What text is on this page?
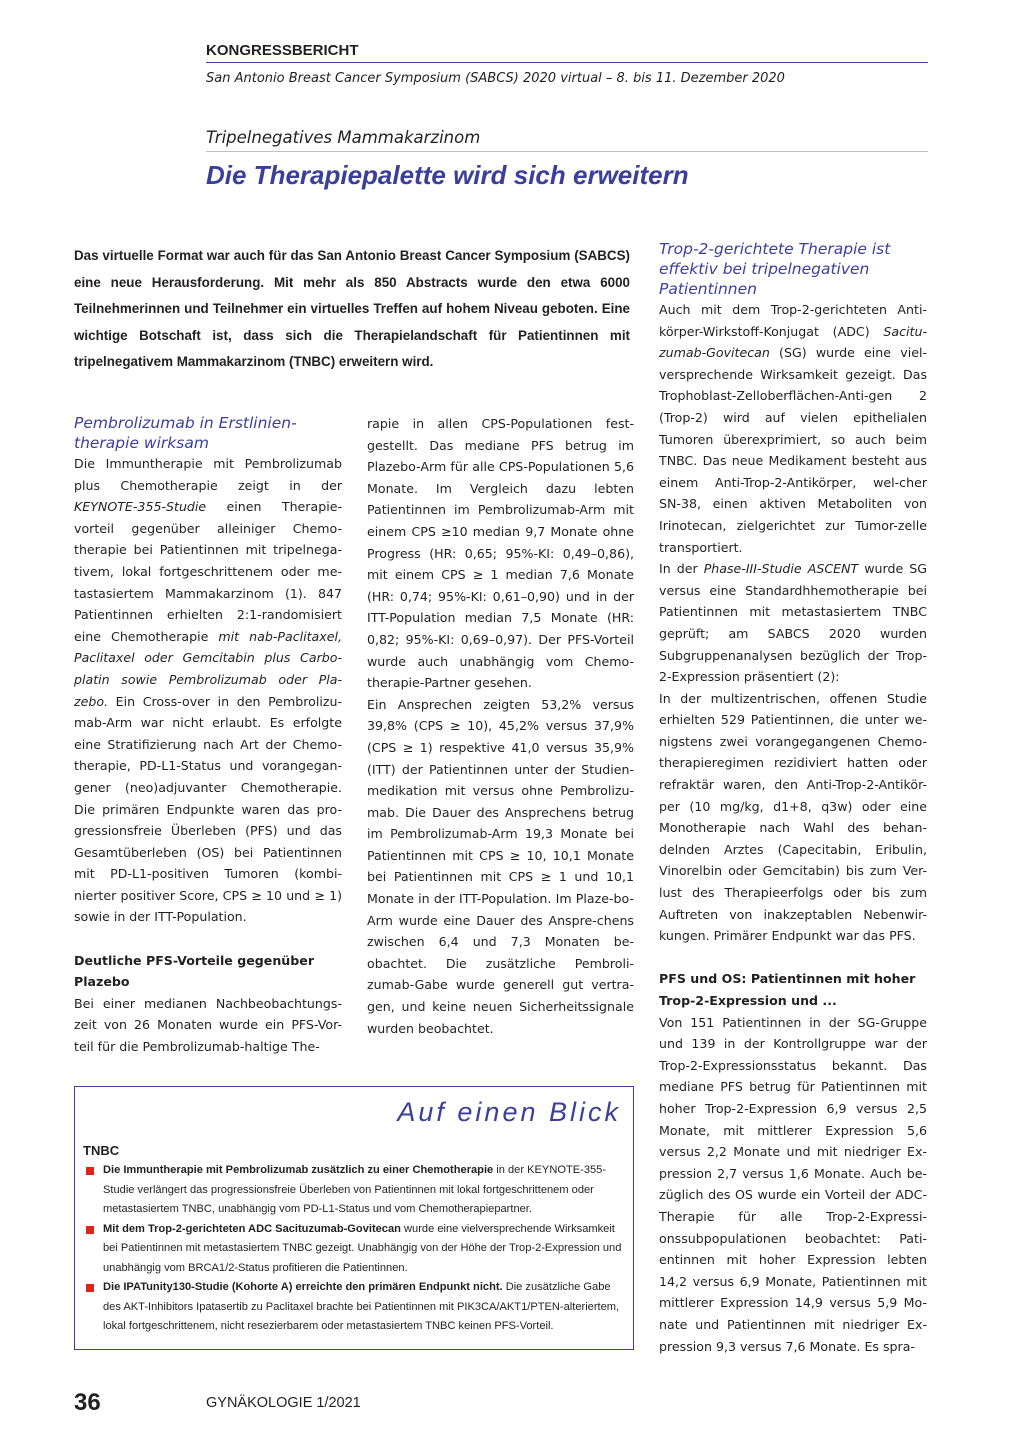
KONGRESSBERICHT
San Antonio Breast Cancer Symposium (SABCS) 2020 virtual – 8. bis 11. Dezember 2020
Tripelnegatives Mammakarzinom
Die Therapiepalette wird sich erweitern
Das virtuelle Format war auch für das San Antonio Breast Cancer Symposium (SABCS) eine neue Herausforderung. Mit mehr als 850 Abstracts wurde den etwa 6000 Teilnehmerinnen und Teilnehmer ein virtuelles Treffen auf hohem Niveau geboten. Eine wichtige Botschaft ist, dass sich die Therapielandschaft für Patientinnen mit tripelnegativem Mammakarzinom (TNBC) erweitern wird.

Pembrolizumab in Erstlinien-therapie wirksam

Die Immuntherapie mit Pembrolizumab plus Chemotherapie zeigt in der KEYNOTE-355-Studie einen Therapie-vorteil gegenüber alleiniger Chemo-therapie bei Patientinnen mit tripelnega-tivem, lokal fortgeschrittenem oder me-tastasiertem Mammakarzinom (1). 847 Patientinnen erhielten 2:1-randomisiert eine Chemotherapie mit nab-Paclitaxel, Paclitaxel oder Gemcitabin plus Carbo-platin sowie Pembrolizumab oder Pla-zebo. Ein Cross-over in den Pembrolizu-mab-Arm war nicht erlaubt. Es erfolgte eine Stratifizierung nach Art der Chemo-therapie, PD-L1-Status und vorangegan-gener (neo)adjuvanter Chemotherapie. Die primären Endpunkte waren das pro-gressionsfreie Überleben (PFS) und das Gesamtüberleben (OS) bei Patientinnen mit PD-L1-positiven Tumoren (kombi-nierter positiver Score, CPS ≥ 10 und ≥ 1) sowie in der ITT-Population.

Deutliche PFS-Vorteile gegenüber Plazebo

Bei einer medianen Nachbeobachtungs-zeit von 26 Monaten wurde ein PFS-Vor-teil für die Pembrolizumab-haltige The-

rapie in allen CPS-Populationen fest-gestellt. Das mediane PFS betrug im Plazebo-Arm für alle CPS-Populationen 5,6 Monate. Im Vergleich dazu lebten Patientinnen im Pembrolizumab-Arm mit einem CPS ≥10 median 9,7 Monate ohne Progress (HR: 0,65; 95%-KI: 0,49–0,86), mit einem CPS ≥ 1 median 7,6 Monate (HR: 0,74; 95%-KI: 0,61–0,90) und in der ITT-Population median 7,5 Monate (HR: 0,82; 95%-KI: 0,69–0,97). Der PFS-Vorteil wurde auch unabhängig vom Chemo-therapie-Partner gesehen.

Ein Ansprechen zeigten 53,2% versus 39,8% (CPS ≥ 10), 45,2% versus 37,9% (CPS ≥ 1) respektive 41,0 versus 35,9% (ITT) der Patientinnen unter der Studien-medikation mit versus ohne Pembrolizu-mab. Die Dauer des Ansprechens betrug im Pembrolizumab-Arm 19,3 Monate bei Patientinnen mit CPS ≥ 10, 10,1 Monate bei Patientinnen mit CPS ≥ 1 und 10,1 Monate in der ITT-Population. Im Plaze-bo-Arm wurde eine Dauer des Anspre-chens zwischen 6,4 und 7,3 Monaten be-obachtet. Die zusätzliche Pembroli-zumab-Gabe wurde generell gut vertra-gen, und keine neuen Sicherheitssignale wurden beobachtet.

Trop-2-gerichtete Therapie ist effektiv bei tripelnegativen Patientinnen

Auch mit dem Trop-2-gerichteten Anti-körper-Wirkstoff-Konjugat (ADC) Sacitu-zumab-Govitecan (SG) wurde eine viel-versprechende Wirksamkeit gezeigt. Das Trophoblast-Zelloberflächen-Anti-gen 2 (Trop-2) wird auf vielen epithelialen Tumoren überexprimiert, so auch beim TNBC. Das neue Medikament besteht aus einem Anti-Trop-2-Antikörper, wel-cher SN-38, einen aktiven Metaboliten von Irinotecan, zielgerichtet zur Tumor-zelle transportiert.

In der Phase-III-Studie ASCENT wurde SG versus eine Standardhhemotherapie bei Patientinnen mit metastasiertem TNBC geprüft; am SABCS 2020 wurden Subgruppenanalysen bezüglich der Trop-2-Expression präsentiert (2):

In der multizentrischen, offenen Studie erhielten 529 Patientinnen, die unter we-nigstens zwei vorangegangenen Chemo-therapieregimen rezidiviert hatten oder refraktär waren, den Anti-Trop-2-Antikör-per (10 mg/kg, d1+8, q3w) oder eine Monotherapie nach Wahl des behan-delnden Arztes (Capecitabin, Eribulin, Vinorelbin oder Gemcitabin) bis zum Ver-lust des Therapieerfolgs oder bis zum Auftreten von inakzeptablen Nebenwir-kungen. Primärer Endpunkt war das PFS.

PFS und OS: Patientinnen mit hoher Trop-2-Expression und ...

Von 151 Patientinnen in der SG-Gruppe und 139 in der Kontrollgruppe war der Trop-2-Expressionsstatus bekannt. Das mediane PFS betrug für Patientinnen mit hoher Trop-2-Expression 6,9 versus 2,5 Monate, mit mittlerer Expression 5,6 versus 2,2 Monate und mit niedriger Ex-pression 2,7 versus 1,6 Monate. Auch be-züglich des OS wurde ein Vorteil der ADC-Therapie für alle Trop-2-Expressi-onssubpopulationen beobachtet: Pati-entinnen mit hoher Expression lebten 14,2 versus 6,9 Monate, Patientinnen mit mittlerer Expression 14,9 versus 5,9 Mo-nate und Patientinnen mit niedriger Ex-pression 9,3 versus 7,6 Monate. Es spra-

Auf einen Blick
TNBC

Die Immuntherapie mit Pembrolizumab zusätzlich zu einer Chemotherapie in der KEYNOTE-355-Studie verlängert das progressionsfreie Überleben von Patientinnen mit lokal fortgeschrittenem oder metastasiertem TNBC, unabhängig vom PD-L1-Status und vom Chemotherapiepartner.

Mit dem Trop-2-gerichteten ADC Sacituzumab-Govitecan wurde eine vielversprechende Wirksamkeit bei Patientinnen mit metastasiertem TNBC gezeigt. Unabhängig von der Höhe der Trop-2-Expression und unabhängig vom BRCA1/2-Status profitieren die Patientinnen.

Die IPATunity130-Studie (Kohorte A) erreichte den primären Endpunkt nicht. Die zusätzliche Gabe des AKT-Inhibitors Ipatasertib zu Paclitaxel brachte bei Patientinnen mit PIK3CA/AKT1/PTEN-alteriertem, lokal fortgeschrittenem, nicht resezierbarem oder metastasiertem TNBC keinen PFS-Vorteil.

36	GYNÄKOLOGIE 1/2021
